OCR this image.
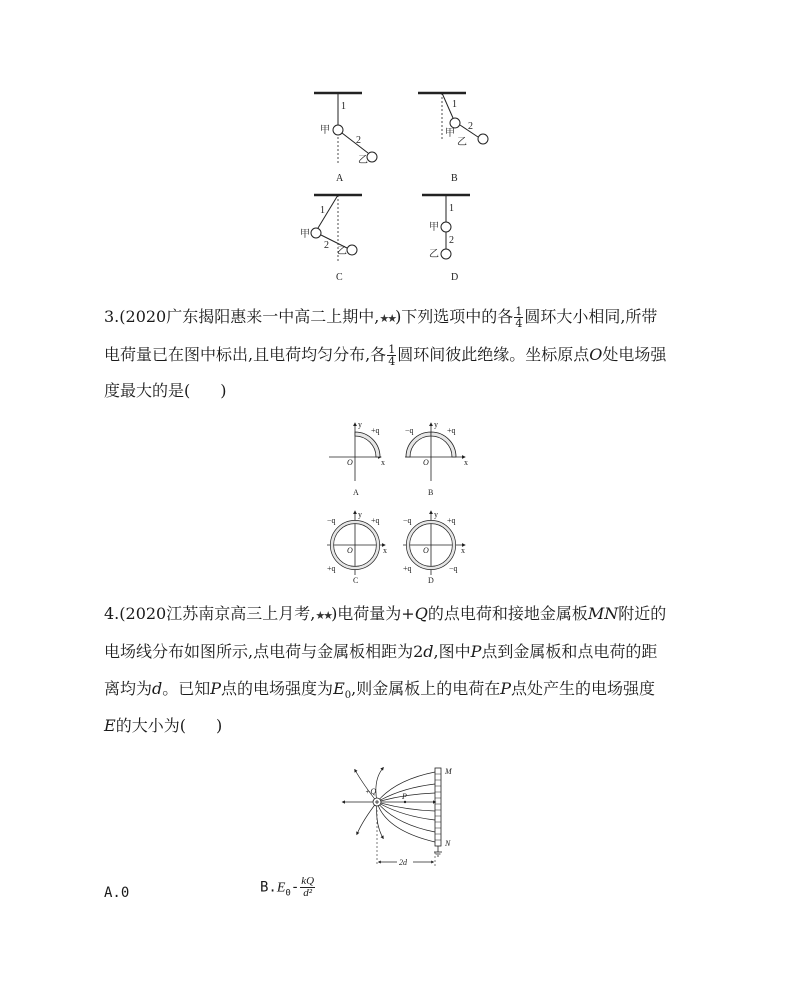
1
甲
2
乙
A
1
甲
2
乙
B
1
甲
2
乙
C
1
甲
2
乙
D
3.(2020广东揭阳惠来一中高二上期中,★★)下列选项中的各 $\frac{1}{4}$ 圆环大小相同,所带
电荷量已在图中标出,且电荷均匀分布,各 $\frac{1}{4}$ 圆环间彼此绝缘。坐标原点O处电场强
度最大的是( )
y
x
O
+q
A
y
x
O
−q	+q
B
y
x
O
−q	+q
+q
C
y
x
O
−q	+q
+q	−q
D
4.(2020江苏南京高三上月考,★★)电荷量为+Q的点电荷和接地金属板MN附近的
电场线分布如图所示,点电荷与金属板相距为2d,图中P点到金属板和点电荷的距
离均为d。已知P点的电场强度为$E_0$,则金属板上的电荷在P点处产生的电场强度
E的大小为( )
+Q
P
M
N
2d
A.0	$B.E_0- \frac{kQ}{\text{d²}}$
